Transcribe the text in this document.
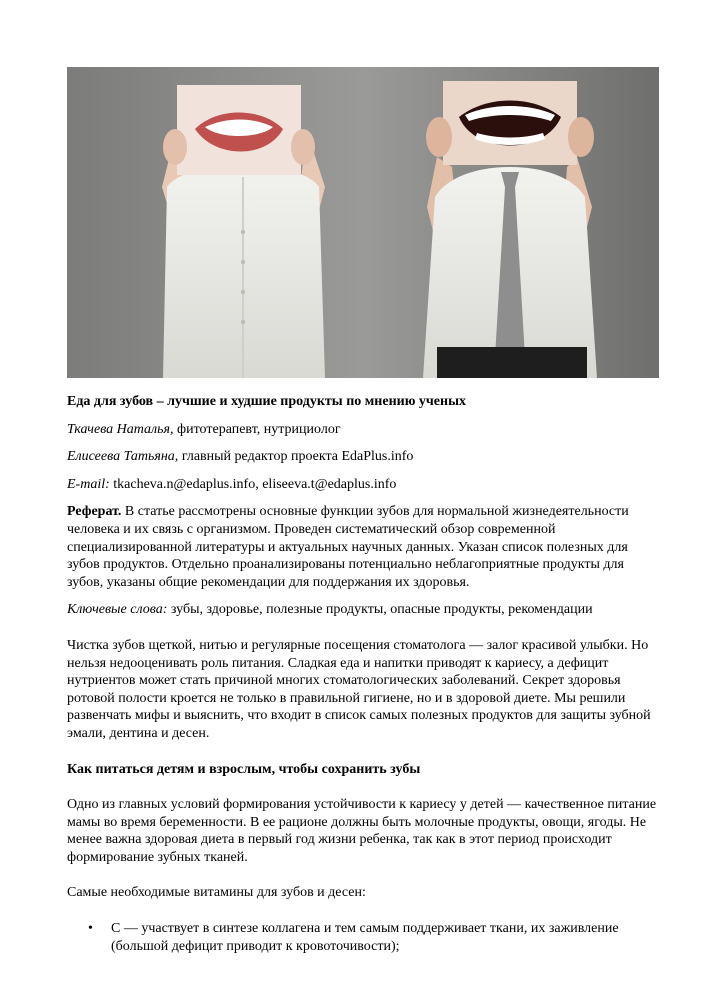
Еда для зубов – лучшие и худшие продукты по мнению ученых

Ткачева Наталья, фитотерапевт, нутрициолог

Елисеева Татьяна, главный редактор проекта EdaPlus.info

E-mail: tkacheva.n@edaplus.info, eliseeva.t@edaplus.info

Реферат. В статье рассмотрены основные функции зубов для нормальной жизнедеятельности человека и их связь с организмом. Проведен систематический обзор современной специализированной литературы и актуальных научных данных. Указан список полезных для зубов продуктов. Отдельно проанализированы потенциально неблагоприятные продукты для зубов, указаны общие рекомендации для поддержания их здоровья.

Ключевые слова: зубы, здоровье, полезные продукты, опасные продукты, рекомендации

Чистка зубов щеткой, нитью и регулярные посещения стоматолога — залог красивой улыбки. Но нельзя недооценивать роль питания. Сладкая еда и напитки приводят к кариесу, а дефицит нутриентов может стать причиной многих стоматологических заболеваний. Секрет здоровья ротовой полости кроется не только в правильной гигиене, но и в здоровой диете. Мы решили развенчать мифы и выяснить, что входит в список самых полезных продуктов для защиты зубной эмали, дентина и десен.

Как питаться детям и взрослым, чтобы сохранить зубы

Одно из главных условий формирования устойчивости к кариесу у детей — качественное питание мамы во время беременности. В ее рационе должны быть молочные продукты, овощи, ягоды. Не менее важна здоровая диета в первый год жизни ребенка, так как в этот период происходит формирование зубных тканей.

Самые необходимые витамины для зубов и десен:

• С — участвует в синтезе коллагена и тем самым поддерживает ткани, их заживление (большой дефицит приводит к кровоточивости);
